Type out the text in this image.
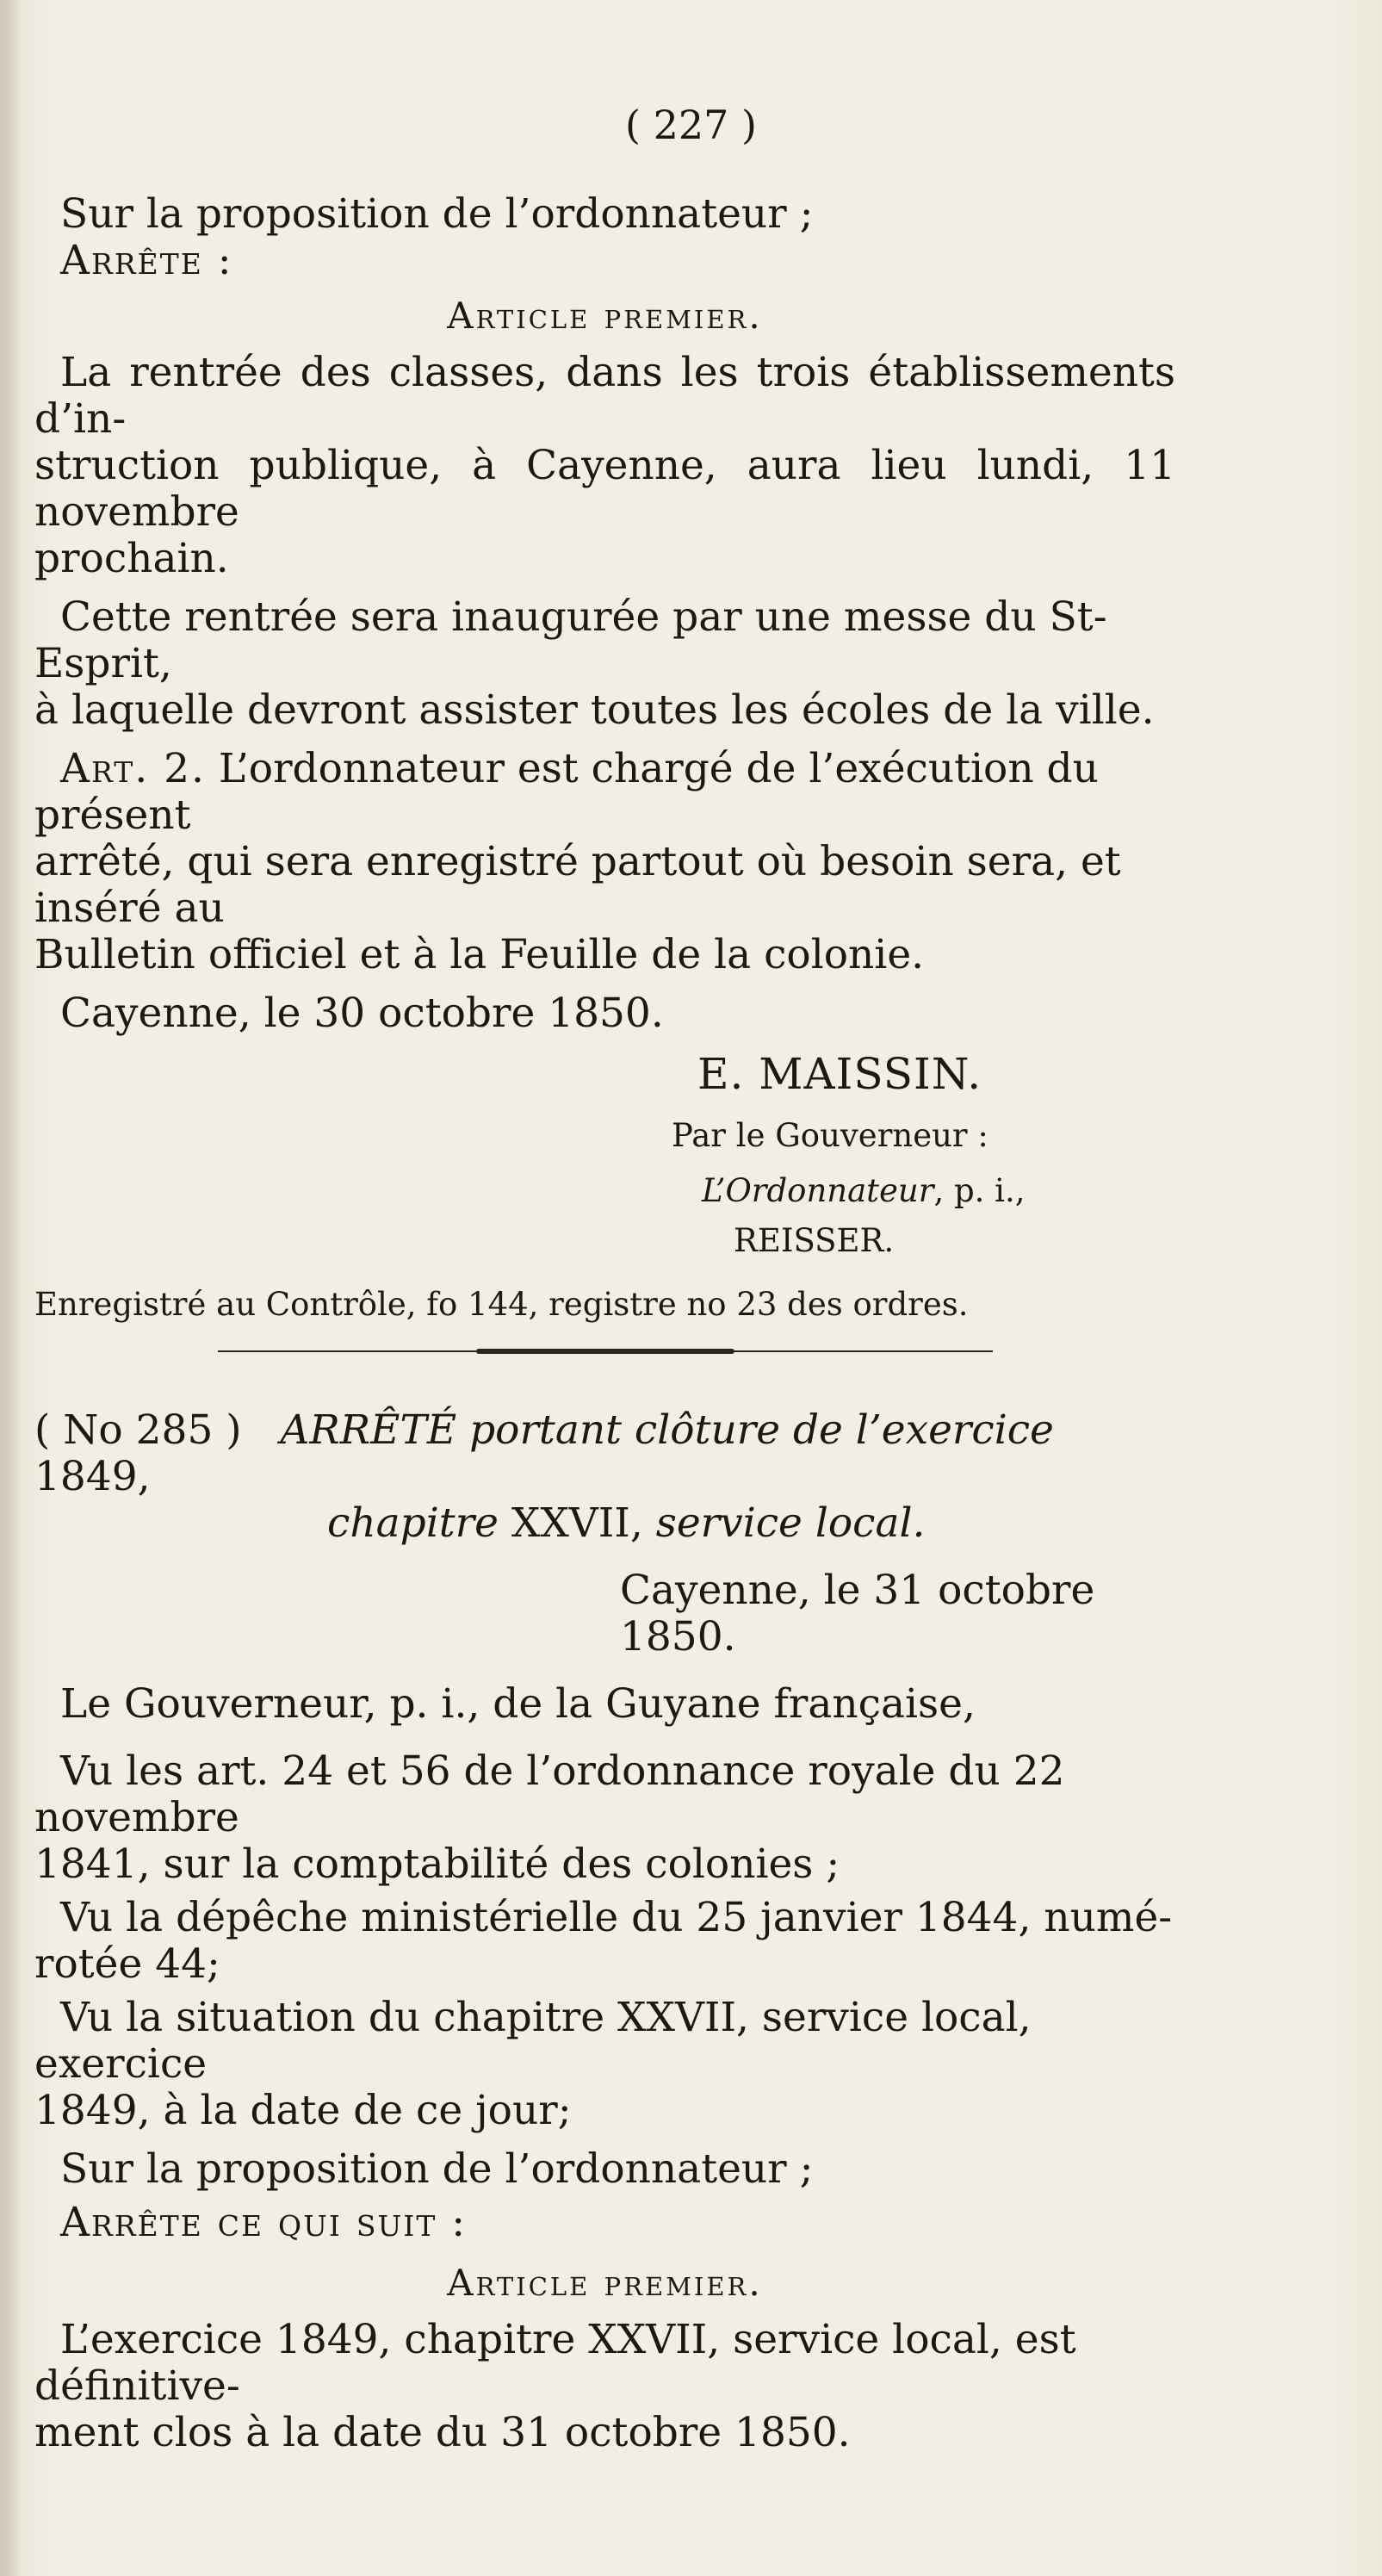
( 227 )

Sur la proposition de l’ordonnateur ;

Arrête :

Article premier.

La rentrée des classes, dans les trois établissements d’in-

struction publique, à Cayenne, aura lieu lundi, 11 novembre

prochain.

Cette rentrée sera inaugurée par une messe du St-Esprit,

à laquelle devront assister toutes les écoles de la ville.

Art. 2. L’ordonnateur est chargé de l’exécution du présent

arrêté, qui sera enregistré partout où besoin sera, et inséré au

Bulletin officiel et à la Feuille de la colonie.

Cayenne, le 30 octobre 1850.

E. MAISSIN.

Par le Gouverneur :

L’Ordonnateur, p. i.,

REISSER.

Enregistré au Contrôle, fo 144, registre no 23 des ordres.

( No 285 ) ARRÊTÉ portant clôture de l’exercice 1849,

chapitre XXVII, service local.

Cayenne, le 31 octobre 1850.

Le Gouverneur, p. i., de la Guyane française,

Vu les art. 24 et 56 de l’ordonnance royale du 22 novembre

1841, sur la comptabilité des colonies ;

Vu la dépêche ministérielle du 25 janvier 1844, numé-

rotée 44;

Vu la situation du chapitre XXVII, service local, exercice

1849, à la date de ce jour;

Sur la proposition de l’ordonnateur ;

Arrête ce qui suit :

Article premier.

L’exercice 1849, chapitre XXVII, service local, est définitive-

ment clos à la date du 31 octobre 1850.
